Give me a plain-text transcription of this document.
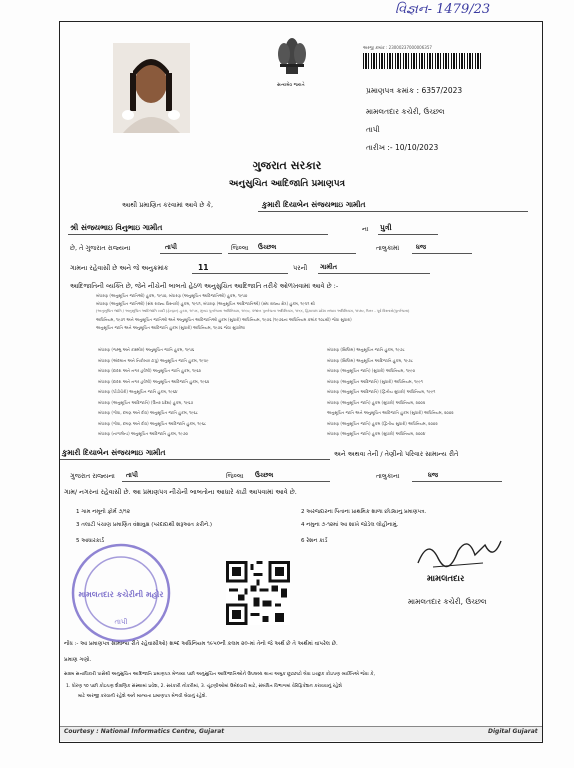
વિજ્ઞન- 1479/23
સત્યમેવ જયતે
અરજી ક્રમાંક : 23000237000006357
પ્રમાણપત્ર ક્રમાંક : 6357/2023
મામલતદાર કચેરી, ઉચ્છલ
તાપી
તારીખ :- 10/10/2023
ગુજરાત સરકાર
અનુસુચિત આદિજાતિ પ્રમાણપત્ર
આથી પ્રમાણિત કરવામાં આવે છે કે,	કુમારી દિયાબેન સંજયભાઇ ગામીત
શ્રી સંજયભાઇ વિનુભાઇ ગામીત	ના પુત્રી
છે, તે ગુજરાત રાજ્યના	તાપી	જિલ્લા ઉચ્છલ	તાલુકામાં	ધજ
ગામના રહેવાસી છે અને જે અનુક્રમાંક	11	પરની ગામીત
આદિજાતિની વ્યક્તિ છે, જેને નીચેની બાબતો હેઠળ અનુસુચિત આદિજાતિ તરીકે ઓળખવામાં આવે છે :-
બંધારણ (અનુસૂચિત જાતિઓ) હુકમ, ૧૯૫૦, બંધારણ (અનુસૂચિત આદિજાતિઓ) હુકમ, ૧૯૫૦
બંધારણ (અનુસૂચિત જાતિઓ) (સંઘ રાજ્ય વિસ્તારો) હુકમ, ૧૯૫૧, બંધારણ (અનુસૂચિત આદિજાતિઓ) (સંઘ રાજ્ય ક્ષેત્ર) હુકમ, ૧૯૫૧ થી
(અનુસૂચિત જાતિ / અનુસૂચિત આદિજાતિ યાદી (ફેરફાર) હુકમ, ૧૯૫૬, મુંબઇ પુનર્રચના અધિનિયમ, ૧૯૬૦, પંજાબ પુનર્રચના અધિનિયમ, ૧૯૬૬, હિમાચલ પ્રદેશ રાજ્ય અધિનિયમ, ૧૯૭૦, ઉત્તર - પૂર્વ વિસ્તારો(પુનર્રચના)
અધિનિયમ, ૧૯૭૧ અને અનુસૂચિત જાતિઓ અને અનુસૂચિત આદિજાતિઓ હુકમ (સુધારો) અધિનિયમ, ૧૯૭૬ (૧૯૭૬ના અધિનિયમ ક્રમાંક ૧૦૮થી) જેવા સુધારા)
અનુસૂચિત જાતિ અને અનુસૂચિત આદિજાતિ હુકમ (સુધારો) અધિનિયમ, ૧૯૭૬ જેવા સુધારેલા
બંધારણ (જમ્મુ અને કાશ્મીર) અનુસૂચિત જાતિ હુકમ, ૧૯૫૬
બંધારણ (અંદમાન અને નિકોબાર ટાપુ) અનુસૂચિત જાતિ હુકમ, ૧૯૫૯
બંધારણ (દાદરા અને નગર હવેલી) અનુસૂચિત જાતિ હુકમ, ૧૯૬૨
બંધારણ (દાદરા અને નગર હવેલી) અનુસૂચિત આદિજાતિ હુકમ, ૧૯૬૨
બંધારણ (પોંડીચેરી) અનુસૂચિત જાતિ હુકમ, ૧૯૬૪
બંધારણ (અનુસૂચિત આદિજાતિ) (ઉત્તર પ્રદેશ) હુકમ, ૧૯૬૭
બંધારણ (ગોવા, દમણ અને દીવ) અનુસૂચિત જાતિ હુકમ, ૧૯૬૮
બંધારણ (ગોવા, દમણ અને દીવ) અનુસૂચિત આદિજાતિ હુકમ, ૧૯૬૮
બંધારણ (નાગાલેન્ડ) અનુસૂચિત આદિજાતિ હુકમ, ૧૯૭૦
બંધારણ (સિક્કિમ) અનુસૂચિત જાતિ હુકમ, ૧૯૭૮
બંધારણ (સિક્કિમ) અનુસૂચિત આદિજાતિ હુકમ, ૧૯૭૮
બંધારણ (અનુસૂચિત જાતિ) (સુધારો) અધિનિયમ, ૧૯૯૦
બંધારણ (અનુસૂચિત આદિજાતિ) (સુધારો) અધિનિયમ, ૧૯૯૧
બંધારણ (અનુસૂચિત આદિજાતિ) (દ્વિતીય સુધારો) અધિનિયમ, ૧૯૯૧
બંધારણ (અનુસૂચિત જાતિ) હુકમ (સુધારો) અધિનિયમ, ૨૦૦૨
અનુસૂચિત જાતિ અને અનુસૂચિત આદિજાતિ હુકમ (સુધારો) અધિનિયમ, ૨૦૦૨
બંધારણ (અનુસૂચિત જાતિ) હુકમ (દ્વિતીય સુધારો) અધિનિયમ, ૨૦૦૨
બંધારણ (અનુસૂચિત જાતિ) હુકમ (સુધારો) અધિનિયમ, ૨૦૦૪
કુમારી દિયાબેન સંજયભાઇ ગામીત	અને અથવા તેની / તેણીનો પરિવાર સામાન્ય રીતે
ગુજરાત રાજ્યના તાપી	જિલ્લા ઉચ્છલ	તાલુકાના	ધજ
ગામ/ નગરનાં રહેવાસી છે. આ પ્રમાણપત્ર નીચેની બાબતોના આધારે કાઢી આપવામાં આવે છે.
1 ગામ નમૂનો ફોર્મ ૭/૧૨	2 અરજદારના પિતાના પ્રાથમિક શાળા છોડ્યાનુ પ્રમાણપત્ર.
3 તલાટી પંચાણ પ્રમાણિત વંશાવુક્ષ (પરદાદાથી શરૂઆત કરીને.)	4 નમુના ૭-૧૨માં આ શાખે જોડેલ લોહીનામું.
5 આધારકાર્ડ	6 રેશન કાર્ડ
મામલતદાર કચેરીની મહોર
તાપી
મામલતદાર
મામલતદાર કચેરી, ઉચ્છલ
નોંધ :- આ પ્રમાણપત્ર સામાન્ય રીતે રહેવાસીઓ) શબ્દ અધિનિયમ ૧૯૫૦ની કલમ ૨૦-માં તેનો જે અર્થ છે તે અર્થમાં વાપરેલ છે.
પ્રમાણ ગણો.
સક્ષમ સત્તાધિકારી પાસેથી અનુસુચિત આદિજાતિ પ્રમાણપત્ર મેળવ્યા પછી અનુસુચિત આદિજાતિઓને ઉપલબ્ધ થાતા અમુક છૂટછાટો લેવા ઇચ્છુક કોઇપણ વ્યક્તિએ જેવા કે,
1. ધોરણ ૧૦ પછી કોઇપણ શૈક્ષણિક સંસ્થામાં પ્રવેશ, 2. સરકારી નોકરીમાં, 3. ચૂંટણીઓમાં ઉમેદવારી માટે, સંબંધિત વિભાગમાં વેરિફિકેશન કરાવવાનું રહેશે
માટે અરજી કરવાની રહેશે અને માન્યતા પ્રમાણપત્ર મેળવી લેવાનું રહેશે.
Courtesy : National Informatics Centre, Gujarat	Digital Gujarat
